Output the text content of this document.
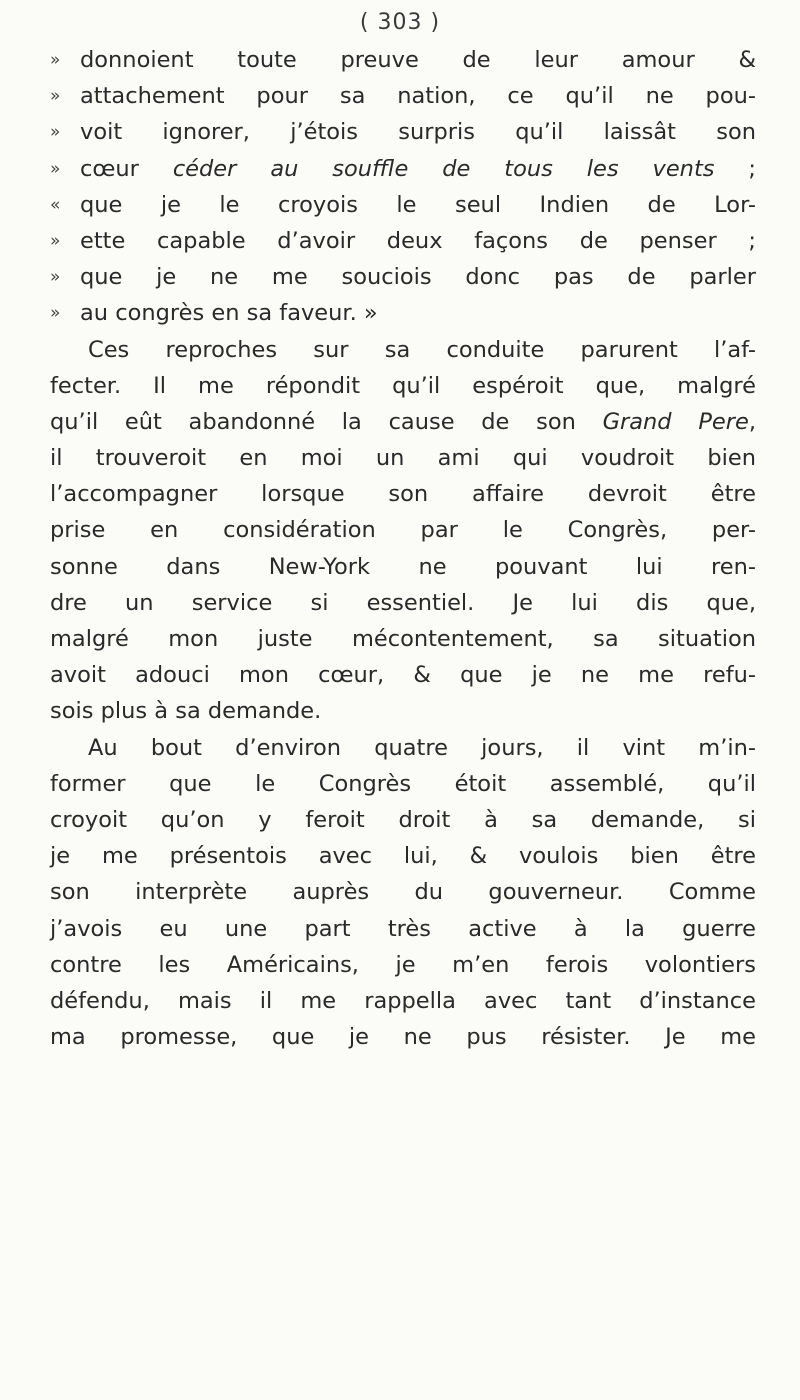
( 303 )
» donnoient toute preuve de leur amour &
» attachement pour sa nation, ce qu’il ne pou-
» voit ignorer, j’étois surpris qu’il laissât son
» cœur céder au souffle de tous les vents ;
« que je le croyois le seul Indien de Lor-
» ette capable d’avoir deux façons de penser ;
» que je ne me souciois donc pas de parler
» au congrès en sa faveur. »
Ces reproches sur sa conduite parurent l’af-
fecter. Il me répondit qu’il espéroit que, malgré
qu’il eût abandonné la cause de son Grand Pere,
il trouveroit en moi un ami qui voudroit bien
l’accompagner lorsque son affaire devroit être
prise en considération par le Congrès, per-
sonne dans New-York ne pouvant lui ren-
dre un service si essentiel. Je lui dis que,
malgré mon juste mécontentement, sa situation
avoit adouci mon cœur, & que je ne me refu-
sois plus à sa demande.
Au bout d’environ quatre jours, il vint m’in-
former que le Congrès étoit assemblé, qu’il
croyoit qu’on y feroit droit à sa demande, si
je me présentois avec lui, & voulois bien être
son interprète auprès du gouverneur. Comme
j’avois eu une part très active à la guerre
contre les Américains, je m’en ferois volontiers
défendu, mais il me rappella avec tant d’instance
ma promesse, que je ne pus résister. Je me
